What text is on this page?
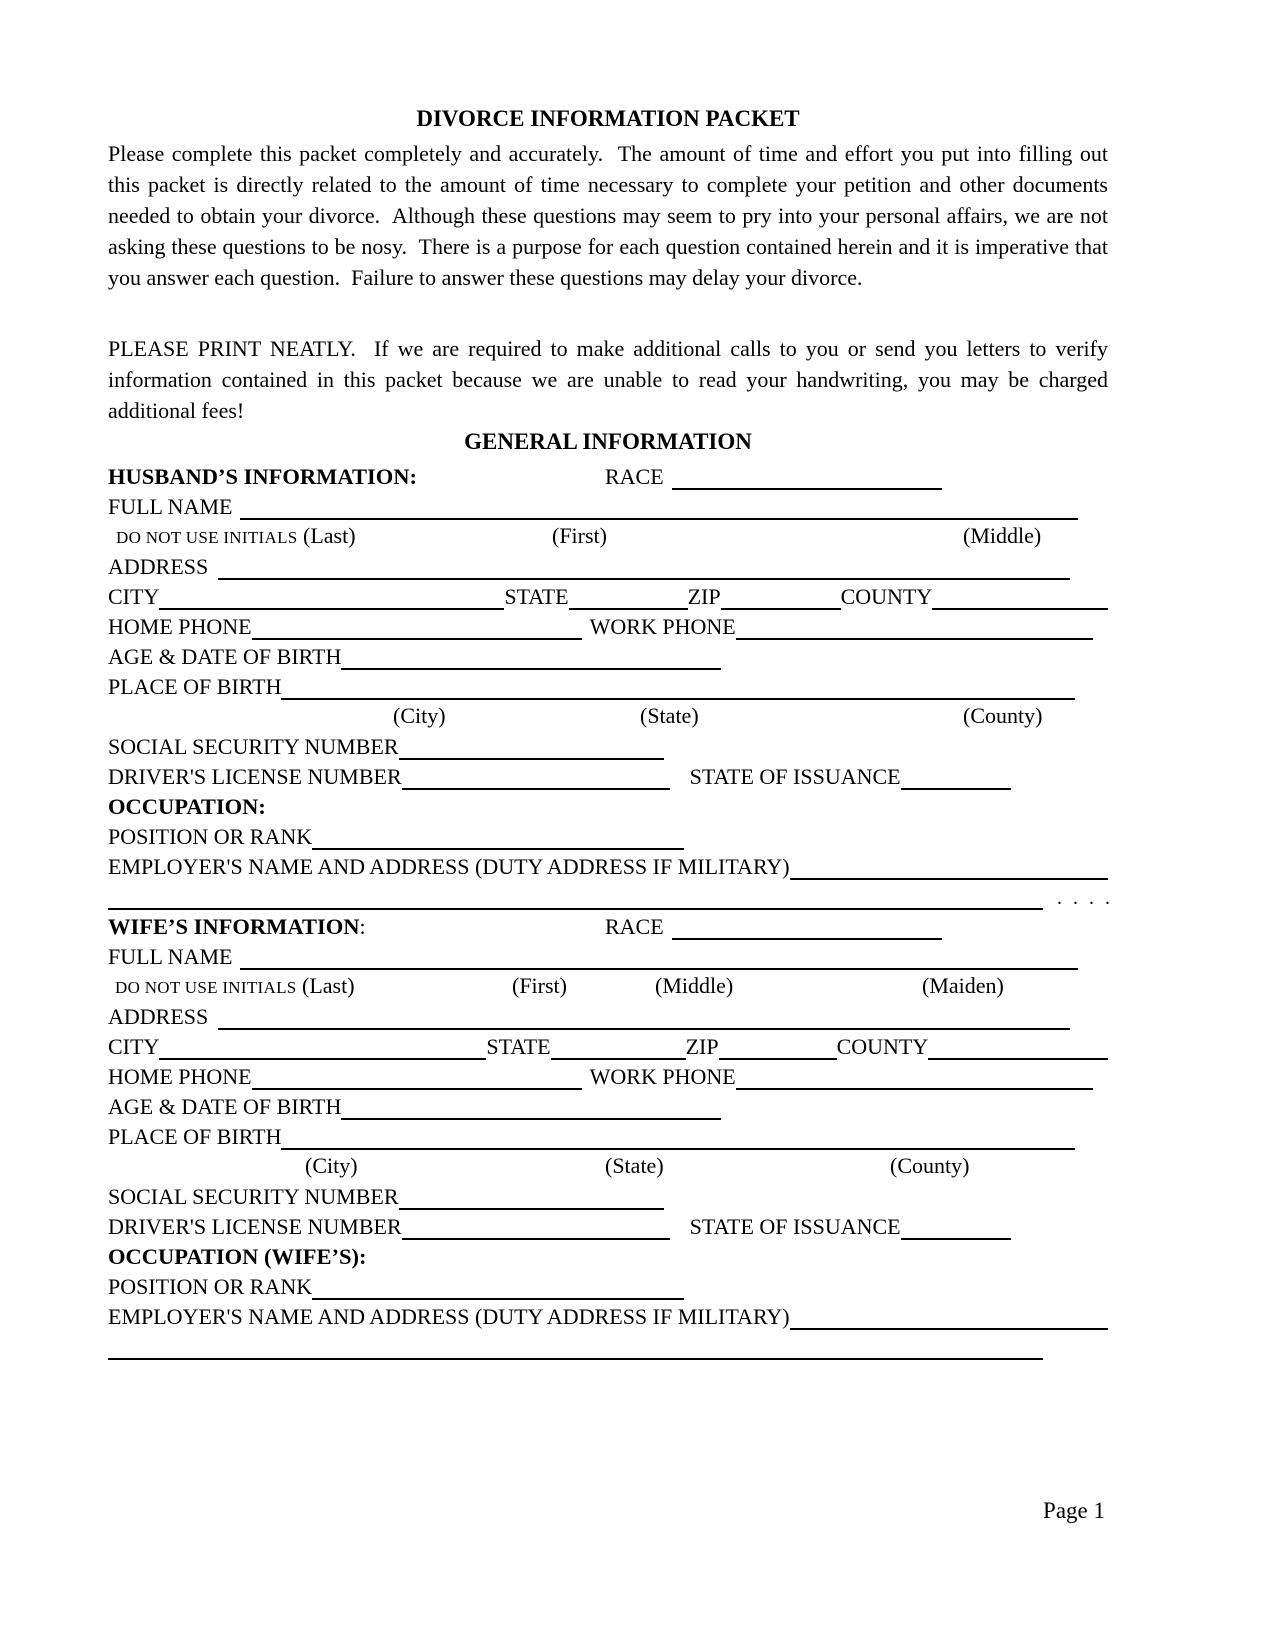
DIVORCE INFORMATION PACKET

Please complete this packet completely and accurately.  The amount of time and effort you put into filling out this packet is directly related to the amount of time necessary to complete your petition and other documents needed to obtain your divorce.  Although these questions may seem to pry into your personal affairs, we are not asking these questions to be nosy.  There is a purpose for each question contained herein and it is imperative that you answer each question.  Failure to answer these questions may delay your divorce.

PLEASE PRINT NEATLY.  If we are required to make additional calls to you or send you letters to verify information contained in this packet because we are unable to read your handwriting, you may be charged additional fees!

GENERAL INFORMATION
HUSBAND’S INFORMATION:	RACE
FULL NAME
DO NOT USE INITIALS (Last)	(First)	(Middle)
ADDRESS
CITY	STATE	ZIP	COUNTY
HOME PHONE	WORK PHONE
AGE & DATE OF BIRTH
PLACE OF BIRTH
(City)	(State)	(County)
SOCIAL SECURITY NUMBER
DRIVER'S LICENSE NUMBER	STATE OF ISSUANCE
OCCUPATION:
POSITION OR RANK
EMPLOYER'S NAME AND ADDRESS (DUTY ADDRESS IF MILITARY)
. . . .
WIFE’S INFORMATION:	RACE
FULL NAME
DO NOT USE INITIALS (Last)	(First)	(Middle)	(Maiden)
ADDRESS
CITY	STATE	ZIP	COUNTY
HOME PHONE	WORK PHONE
AGE & DATE OF BIRTH
PLACE OF BIRTH
(City)	(State)	(County)
SOCIAL SECURITY NUMBER
DRIVER'S LICENSE NUMBER	STATE OF ISSUANCE
OCCUPATION (WIFE’S):
POSITION OR RANK
EMPLOYER'S NAME AND ADDRESS (DUTY ADDRESS IF MILITARY)
Page 1
